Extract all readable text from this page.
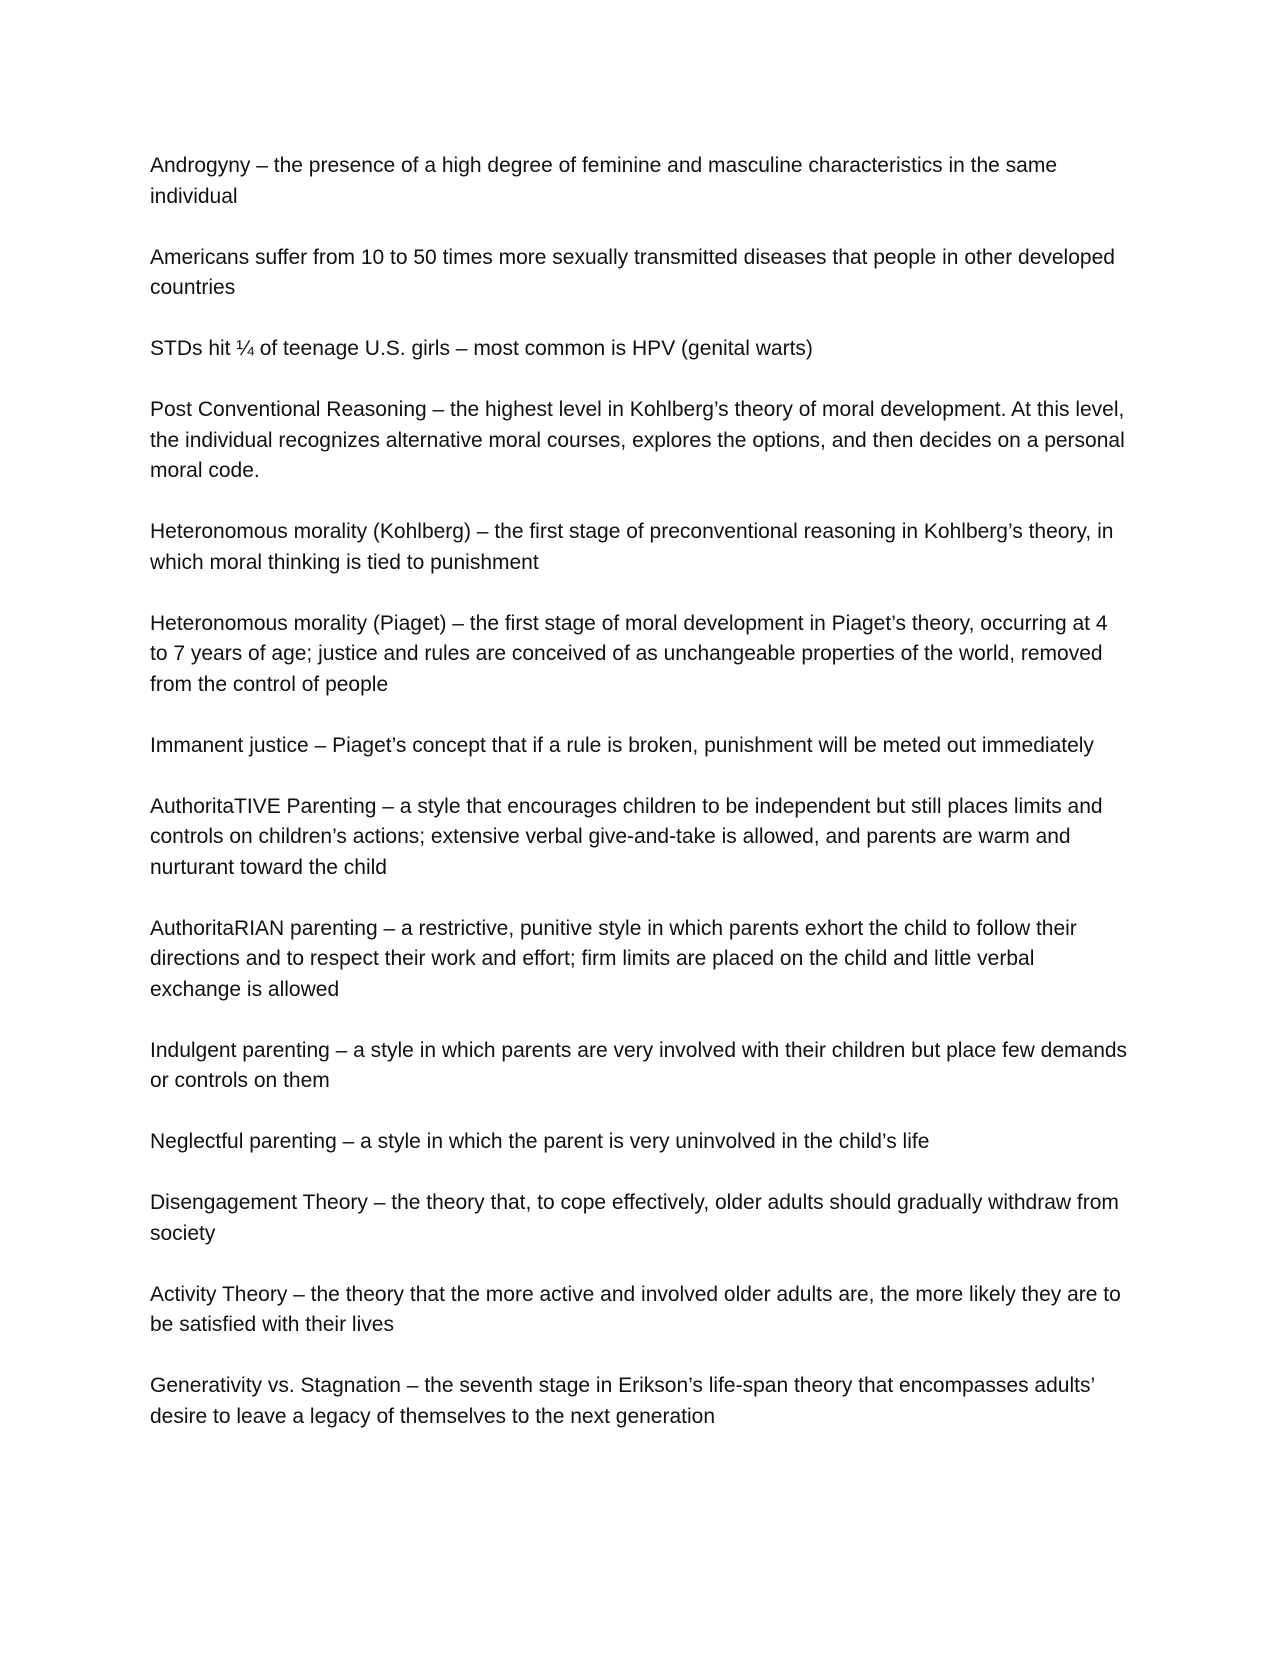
Androgyny – the presence of a high degree of feminine and masculine characteristics in the same individual

Americans suffer from 10 to 50 times more sexually transmitted diseases that people in other developed countries

STDs hit ¼ of teenage U.S. girls – most common is HPV (genital warts)

Post Conventional Reasoning – the highest level in Kohlberg’s theory of moral development. At this level, the individual recognizes alternative moral courses, explores the options, and then decides on a personal moral code.

Heteronomous morality (Kohlberg) – the first stage of preconventional reasoning in Kohlberg’s theory, in which moral thinking is tied to punishment

Heteronomous morality (Piaget) – the first stage of moral development in Piaget’s theory, occurring at 4 to 7 years of age; justice and rules are conceived of as unchangeable properties of the world, removed from the control of people

Immanent justice – Piaget’s concept that if a rule is broken, punishment will be meted out immediately

AuthoritaTIVE Parenting – a style that encourages children to be independent but still places limits and controls on children’s actions; extensive verbal give-and-take is allowed, and parents are warm and nurturant toward the child

AuthoritaRIAN parenting – a restrictive, punitive style in which parents exhort the child to follow their directions and to respect their work and effort; firm limits are placed on the child and little verbal exchange is allowed

Indulgent parenting – a style in which parents are very involved with their children but place few demands or controls on them

Neglectful parenting – a style in which the parent is very uninvolved in the child’s life

Disengagement Theory – the theory that, to cope effectively, older adults should gradually withdraw from society

Activity Theory – the theory that the more active and involved older adults are, the more likely they are to be satisfied with their lives

Generativity vs. Stagnation – the seventh stage in Erikson’s life-span theory that encompasses adults’ desire to leave a legacy of themselves to the next generation
